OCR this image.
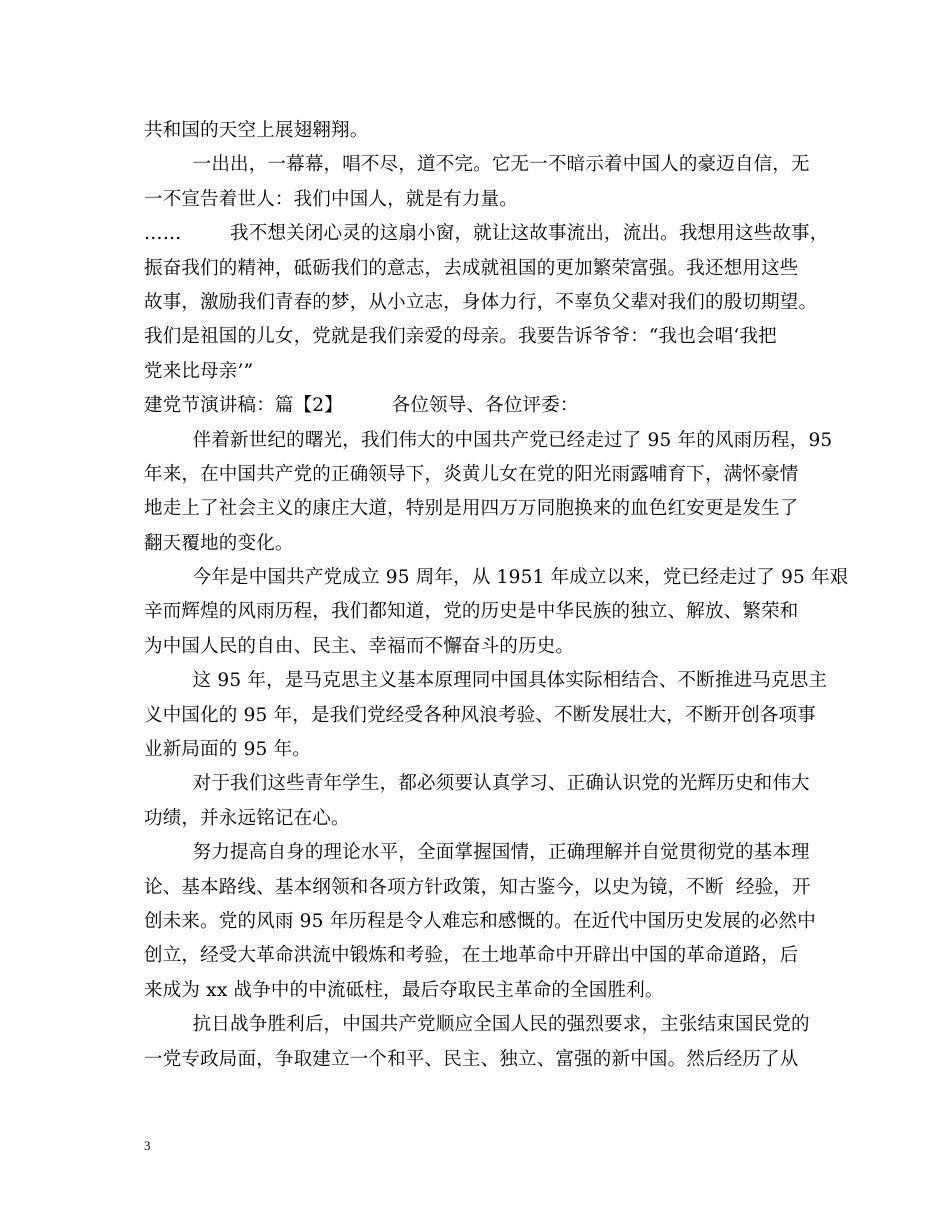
共和国的天空上展翅翱翔。
一出出，一幕幕，唱不尽，道不完。它无一不暗示着中国人的豪迈自信，无
一不宣告着世人：我们中国人，就是有力量。
……        我不想关闭心灵的这扇小窗，就让这故事流出，流出。我想用这些故事，
振奋我们的精神，砥砺我们的意志，去成就祖国的更加繁荣富强。我还想用这些
故事，激励我们青春的梦，从小立志，身体力行，不辜负父辈对我们的殷切期望。
我们是祖国的儿女，党就是我们亲爱的母亲。我要告诉爷爷：“我也会唱‘我把
党来比母亲’”
建党节演讲稿：篇【2】        各位领导、各位评委：
伴着新世纪的曙光，我们伟大的中国共产党已经走过了 95 年的风雨历程，95
年来，在中国共产党的正确领导下，炎黄儿女在党的阳光雨露哺育下，满怀豪情
地走上了社会主义的康庄大道，特别是用四万万同胞换来的血色红安更是发生了
翻天覆地的变化。
今年是中国共产党成立 95 周年，从 1951 年成立以来，党已经走过了 95 年艰
辛而辉煌的风雨历程，我们都知道，党的历史是中华民族的独立、解放、繁荣和
为中国人民的自由、民主、幸福而不懈奋斗的历史。
这 95 年，是马克思主义基本原理同中国具体实际相结合、不断推进马克思主
义中国化的 95 年，是我们党经受各种风浪考验、不断发展壮大，不断开创各项事
业新局面的 95 年。
对于我们这些青年学生，都必须要认真学习、正确认识党的光辉历史和伟大
功绩，并永远铭记在心。
努力提高自身的理论水平，全面掌握国情，正确理解并自觉贯彻党的基本理
论、基本路线、基本纲领和各项方针政策，知古鉴今，以史为镜，不断  经验，开
创未来。党的风雨 95 年历程是令人难忘和感慨的。在近代中国历史发展的必然中
创立，经受大革命洪流中锻炼和考验，在土地革命中开辟出中国的革命道路，后
来成为 xx 战争中的中流砥柱，最后夺取民主革命的全国胜利。
抗日战争胜利后，中国共产党顺应全国人民的强烈要求，主张结束国民党的
一党专政局面，争取建立一个和平、民主、独立、富强的新中国。然后经历了从
3
